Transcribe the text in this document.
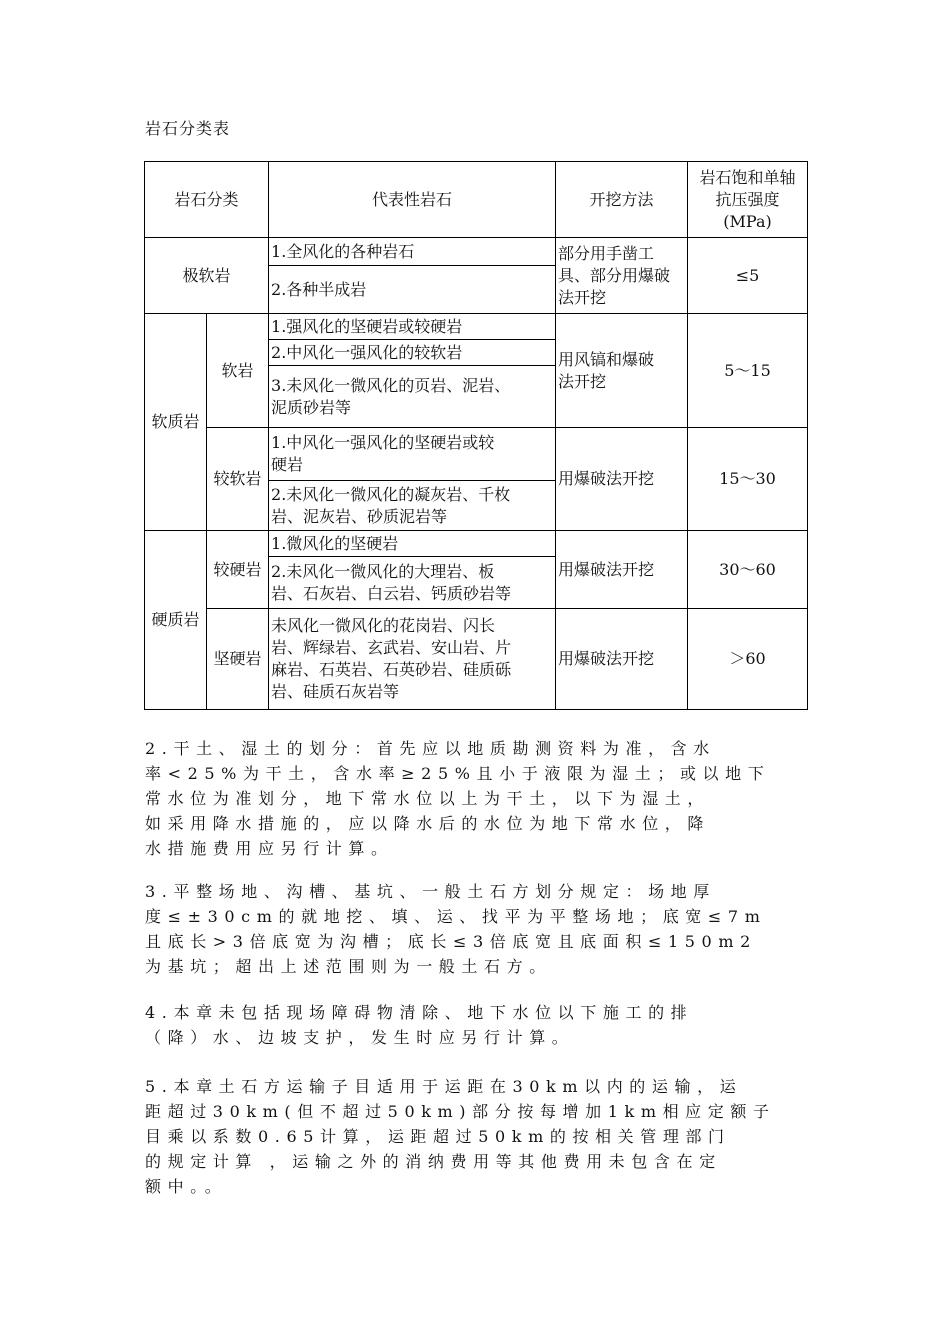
岩石分类表
岩石分类		代表性岩石	开挖方法	岩石饱和单轴
抗压强度
(MPa)

极软岩		1.全风化的各种岩石	部分用手凿工
具、部分用爆破
法开挖	≤5
		2.各种半成岩		
软质岩	软岩	1.强风化的坚硬岩或较硬岩	用风镐和爆破
法开挖	5～15
		2.中风化一强风化的较软岩		

		3.未风化一微风化的页岩、泥岩、
泥质砂岩等		

	较软岩	1.中风化一强风化的坚硬岩或较
硬岩	用爆破法开挖	15～30

		2.未风化一微风化的凝灰岩、千枚
岩、泥灰岩、砂质泥岩等		

硬质岩	较硬岩	1.微风化的坚硬岩	用爆破法开挖	30～60

		2.未风化一微风化的大理岩、板
岩、石灰岩、白云岩、钙质砂岩等		

	坚硬岩	未风化一微风化的花岗岩、闪长
岩、辉绿岩、玄武岩、安山岩、片
麻岩、石英岩、石英砂岩、硅质砾
岩、硅质石灰岩等	用爆破法开挖	＞60
2.干土、湿土的划分：首先应以地质勘测资料为准，含水
率<25%为干土，含水率≥25%且小于液限为湿土；或以地下
常水位为准划分，地下常水位以上为干土，以下为湿土，
如采用降水措施的，应以降水后的水位为地下常水位，降
水措施费用应另行计算。
3.平整场地、沟槽、基坑、一般土石方划分规定：场地厚
度≤±30cm的就地挖、填、运、找平为平整场地；底宽≤7m
且底长>3倍底宽为沟槽；底长≤3倍底宽且底面积≤150m2
为基坑；超出上述范围则为一般土石方。
4.本章未包括现场障碍物清除、地下水位以下施工的排
（降）水、边坡支护，发生时应另行计算。
5.本章土石方运输子目适用于运距在30km以内的运输，运
距超过30km(但不超过50km)部分按每增加1km相应定额子
目乘以系数0.65计算，运距超过50km的按相关管理部门
的规定计算 ，运输之外的消纳费用等其他费用未包含在定
额中。。
